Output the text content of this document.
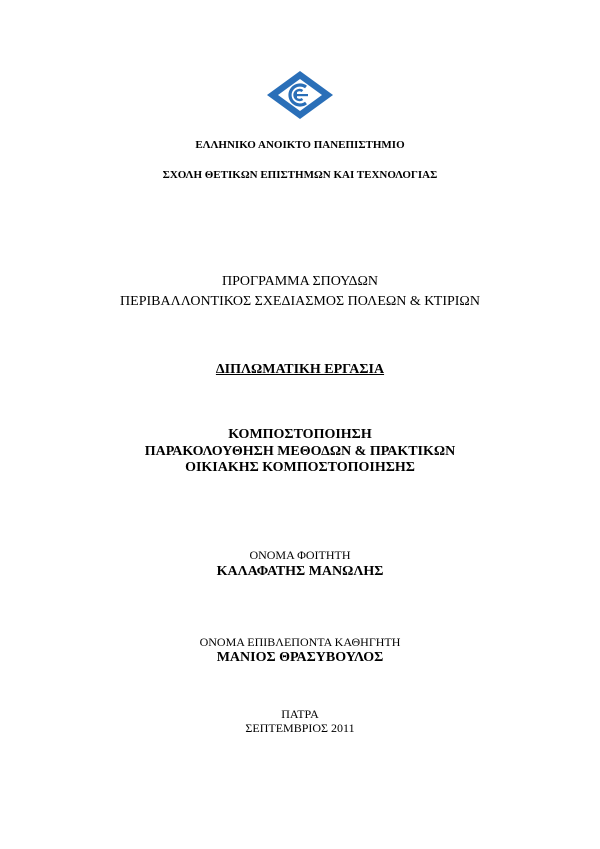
ΕΛΛΗΝΙΚΟ ΑΝΟΙΚΤΟ ΠΑΝΕΠΙΣΤΗΜΙΟ
ΣΧΟΛΗ ΘΕΤΙΚΩΝ ΕΠΙΣΤΗΜΩΝ ΚΑΙ ΤΕΧΝΟΛΟΓΙΑΣ
ΠΡΟΓΡΑΜΜΑ ΣΠΟΥΔΩΝ
ΠΕΡΙΒΑΛΛΟΝΤΙΚΟΣ ΣΧΕΔΙΑΣΜΟΣ ΠΟΛΕΩΝ & ΚΤΙΡΙΩΝ
ΔΙΠΛΩΜΑΤΙΚΗ ΕΡΓΑΣΙΑ
ΚΟΜΠΟΣΤΟΠΟΙΗΣΗ
ΠΑΡΑΚΟΛΟΥΘΗΣΗ ΜΕΘΟΔΩΝ & ΠΡΑΚΤΙΚΩΝ
ΟΙΚΙΑΚΗΣ ΚΟΜΠΟΣΤΟΠΟΙΗΣΗΣ
ΟΝΟΜΑ ΦΟΙΤΗΤΗ
ΚΑΛΑΦΑΤΗΣ ΜΑΝΩΛΗΣ
ΟΝΟΜΑ ΕΠΙΒΛΕΠΟΝΤΑ ΚΑΘΗΓΗΤΗ
ΜΑΝΙΟΣ ΘΡΑΣΥΒΟΥΛΟΣ
ΠΑΤΡΑ
ΣΕΠΤΕΜΒΡΙΟΣ 2011
